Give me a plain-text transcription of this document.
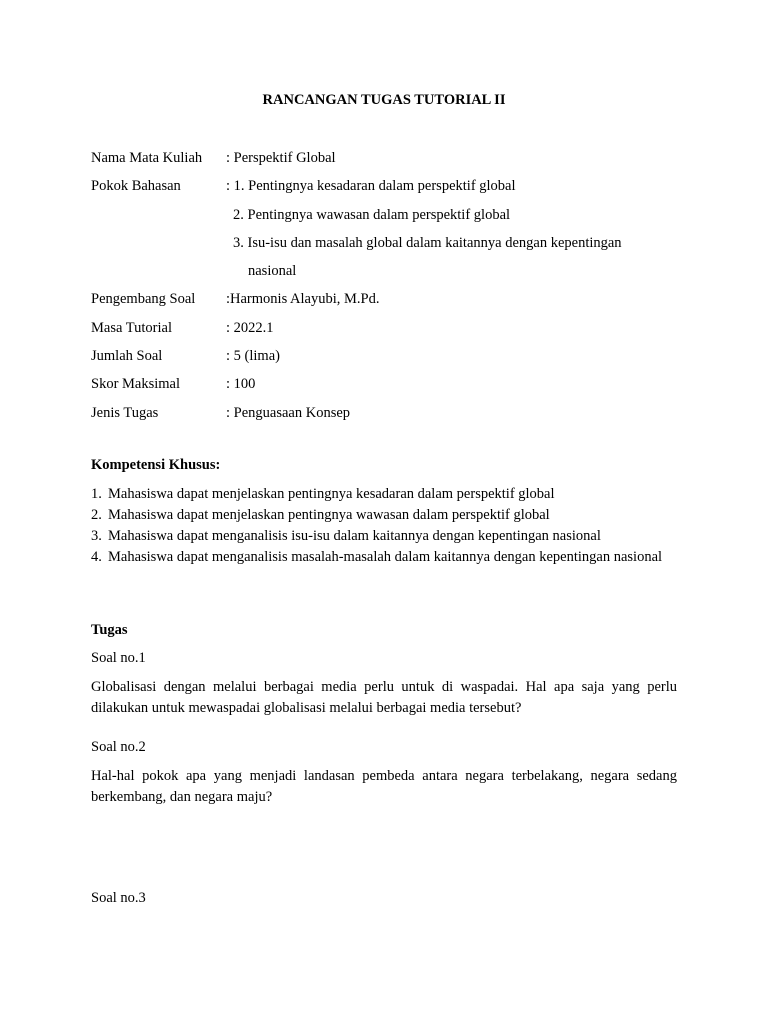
RANCANGAN TUGAS TUTORIAL II
Nama Mata Kuliah : Perspektif Global
Pokok Bahasan	: 1. Pentingnya kesadaran dalam perspektif global
2. Pentingnya wawasan dalam perspektif global
3. Isu-isu dan masalah global dalam kaitannya dengan kepentingan
nasional
Pengembang Soal :Harmonis Alayubi, M.Pd.
Masa Tutorial	: 2022.1
Jumlah Soal	: 5 (lima)
Skor Maksimal	: 100
Jenis Tugas	: Penguasaan Konsep
Kompetensi Khusus:
1. Mahasiswa dapat menjelaskan pentingnya kesadaran dalam perspektif global
2. Mahasiswa dapat menjelaskan pentingnya wawasan dalam perspektif global
3. Mahasiswa dapat menganalisis isu-isu dalam kaitannya dengan kepentingan nasional
4. Mahasiswa dapat menganalisis masalah-masalah dalam kaitannya dengan kepentingan nasional
Tugas
Soal no.1
Globalisasi dengan melalui berbagai media perlu untuk di waspadai. Hal apa saja yang perlu dilakukan untuk mewaspadai globalisasi melalui berbagai media tersebut?
Soal no.2
Hal-hal pokok apa yang menjadi landasan pembeda antara negara terbelakang, negara sedang berkembang, dan negara maju?
Soal no.3
